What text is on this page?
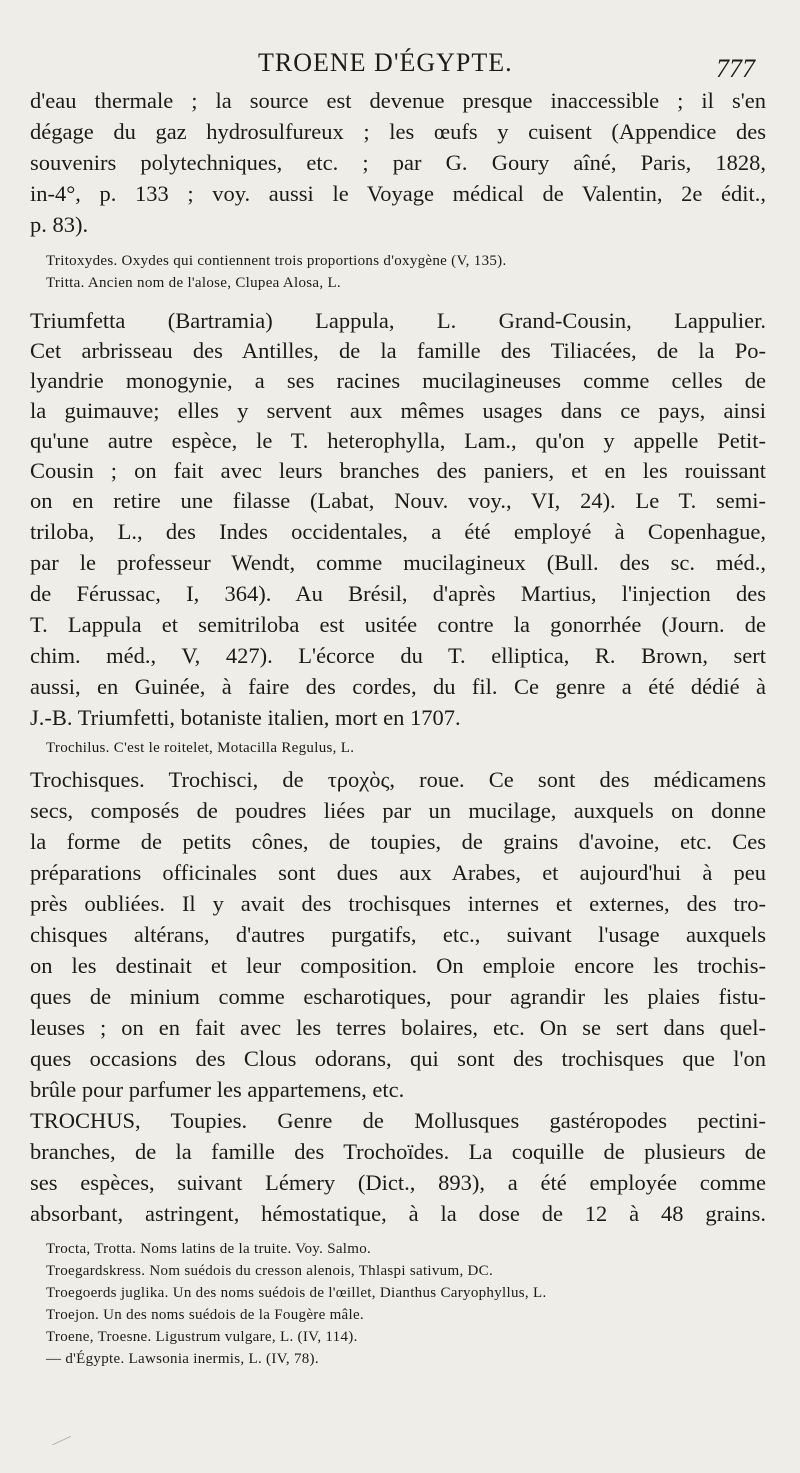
TROENE D'ÉGYPTE.	777
d'eau thermale ; la source est devenue presque inaccessible ; il s'en
dégage du gaz hydrosulfureux ; les œufs y cuisent (Appendice des
souvenirs polytechniques, etc. ; par G. Goury aîné, Paris, 1828,
in-4°, p. 133 ; voy. aussi le Voyage médical de Valentin, 2e édit.,
p. 83).
Tritoxydes. Oxydes qui contiennent trois proportions d'oxygène (V, 135).
Tritta. Ancien nom de l'alose, Clupea Alosa, L.
Triumfetta (Bartramia) Lappula, L. Grand-Cousin, Lappulier.
Cet arbrisseau des Antilles, de la famille des Tiliacées, de la Po-
lyandrie monogynie, a ses racines mucilagineuses comme celles de
la guimauve; elles y servent aux mêmes usages dans ce pays, ainsi
qu'une autre espèce, le T. heterophylla, Lam., qu'on y appelle Petit-
Cousin ; on fait avec leurs branches des paniers, et en les rouissant
on en retire une filasse (Labat, Nouv. voy., VI, 24). Le T. semi-
triloba, L., des Indes occidentales, a été employé à Copenhague,
par le professeur Wendt, comme mucilagineux (Bull. des sc. méd.,
de Férussac, I, 364). Au Brésil, d'après Martius, l'injection des
T. Lappula et semitriloba est usitée contre la gonorrhée (Journ. de
chim. méd., V, 427). L'écorce du T. elliptica, R. Brown, sert
aussi, en Guinée, à faire des cordes, du fil. Ce genre a été dédié à
J.-B. Triumfetti, botaniste italien, mort en 1707.
Trochilus. C'est le roitelet, Motacilla Regulus, L.
Trochisques. Trochisci, de τροχὸς, roue. Ce sont des médicamens
secs, composés de poudres liées par un mucilage, auxquels on donne
la forme de petits cônes, de toupies, de grains d'avoine, etc. Ces
préparations officinales sont dues aux Arabes, et aujourd'hui à peu
près oubliées. Il y avait des trochisques internes et externes, des tro-
chisques altérans, d'autres purgatifs, etc., suivant l'usage auxquels
on les destinait et leur composition. On emploie encore les trochis-
ques de minium comme escharotiques, pour agrandir les plaies fistu-
leuses ; on en fait avec les terres bolaires, etc. On se sert dans quel-
ques occasions des Clous odorans, qui sont des trochisques que l'on
brûle pour parfumer les appartemens, etc.
TROCHUS, Toupies. Genre de Mollusques gastéropodes pectini-
branches, de la famille des Trochoïdes. La coquille de plusieurs de
ses espèces, suivant Lémery (Dict., 893), a été employée comme
absorbant, astringent, hémostatique, à la dose de 12 à 48 grains.
Trocta, Trotta. Noms latins de la truite. Voy. Salmo.
Troegardskress. Nom suédois du cresson alenois, Thlaspi sativum, DC.
Troegoerds juglika. Un des noms suédois de l'œillet, Dianthus Caryophyllus, L.
Troejon. Un des noms suédois de la Fougère mâle.
Troene, Troesne. Ligustrum vulgare, L. (IV, 114).
— d'Égypte. Lawsonia inermis, L. (IV, 78).
